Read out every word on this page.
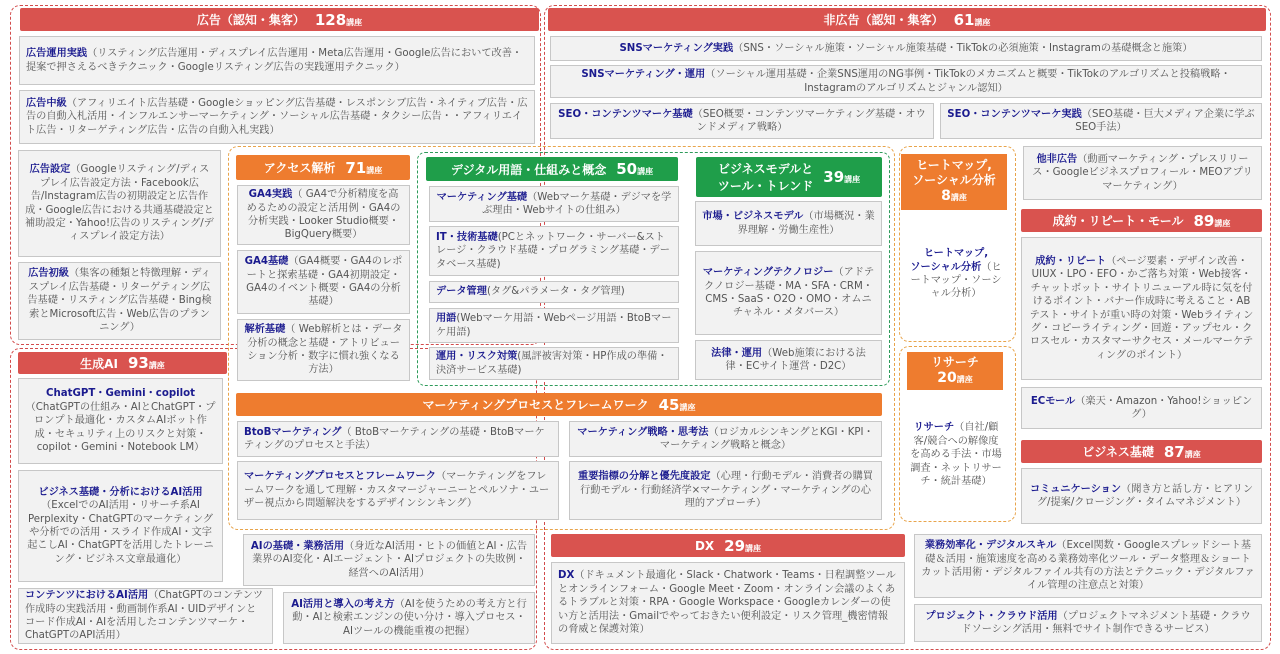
広告（認知・集客） 128講座	非広告（認知・集客） 61講座
生成AI 93講座
アクセス解析 71講座	デジタル用語・仕組みと概念 50講座	ビジネスモデルと
ツール・トレンド 39講座
ヒートマップ,
ソーシャル分析
8講座
リサーチ
20講座
成約・リピート・モール 89講座
マーケティングプロセスとフレームワーク 45講座
ビジネス基礎 87講座
DX 29講座
広告運用実践（リスティング広告運用・ディスプレイ広告運用・Meta広告運用・Google広告において改善・提案で押さえるべきテクニック・Googleリスティング広告の実践運用テクニック）
広告中級（アフィリエイト広告基礎・Googleショッピング広告基礎・レスポンシブ広告・ネイティブ広告・広告の自動入札活用・インフルエンサーマーケティング・ソーシャル広告基礎・タクシー広告・・アフィリエイト広告・リターゲティング広告・広告の自動入札実践）
広告設定（Googleリスティング/ディスプレイ広告設定方法・Facebook広告/Instagram広告の初期設定と広告作成・Google広告における共通基礎設定と補助設定・Yahoo!広告のリスティング/ディスプレイ設定方法）
広告初級（集客の種類と特徴理解・ディスプレイ広告基礎・リターゲティング広告基礎・リスティング広告基礎・Bing検索とMicrosoft広告・Web広告のプランニング）
SNSマーケティング実践（SNS・ソーシャル施策・ソーシャル施策基礎・TikTokの必須施策・Instagramの基礎概念と施策）
SNSマーケティング・運用（ソーシャル運用基礎・企業SNS運用のNG事例・TikTokのメカニズムと概要・TikTokのアルゴリズムと投稿戦略・Instagramのアルゴリズムとジャンル認知）
SEO・コンテンツマーケ基礎（SEO概要・コンテンツマーケティング基礎・オウンドメディア戦略）
SEO・コンテンツマーケ実践（SEO基礎・巨大メディア企業に学ぶSEO手法）
他非広告（動画マーケティング・プレスリリース・Googleビジネスプロフィール・MEOアプリマーケティング）
GA4実践（ GA4で分析精度を高めるための設定と活用例・GA4の分析実践・Looker Studio概要・BigQuery概要）
GA4基礎（GA4概要・GA4のレポートと探索基礎・GA4初期設定・GA4のイベント概要・GA4の分析基礎）
解析基礎（ Web解析とは・データ分析の概念と基礎・アトリビューション分析・数字に慣れ強くなる方法）
マーケティング基礎（Webマーケ基礎・デジマを学ぶ理由・Webサイトの仕組み）
IT・技術基礎(PCとネットワーク・サーバー&ストレージ・クラウド基礎・プログラミング基礎・データベース基礎)
データ管理(タグ&パラメータ・タグ管理)
用語(Webマーケ用語・Webページ用語・BtoBマーケ用語)
運用・リスク対策(風評被害対策・HP作成の準備・決済サービス基礎)
市場・ビジネスモデル（市場概況・業界理解・労働生産性）
マーケティングテクノロジー（アドテクノロジー基礎・MA・SFA・CRM・CMS・SaaS・O2O・OMO・オムニチャネル・メタバース）
法律・運用（Web施策における法律・ECサイト運営・D2C）
ヒートマップ,
ソーシャル分析（ヒートマップ・ソーシャル分析）
リサーチ（自社/顧客/競合への解像度を高める手法・市場調査・ネットリサーチ・統計基礎）
成約・リピート（ページ要素・デザイン改善・UIUX・LPO・EFO・かご落ち対策・Web接客・チャットボット・サイトリニューアル時に気を付けるポイント・バナー作成時に考えること・ABテスト・サイトが重い時の対策・Webライティング・コピーライティング・回遊・アップセル・クロスセル・カスタマーサクセス・メールマーケティングのポイント）
ECモール（楽天・Amazon・Yahoo!ショッピング）
コミュニケーション（聞き方と話し方・ヒアリング/提案/クロージング・タイムマネジメント）
業務効率化・デジタルスキル（Excel関数・Googleスプレッドシート基礎＆活用・施策速度を高める業務効率化ツール・データ整理＆ショートカット活用術・デジタルファイル共有の方法とテクニック・デジタルファイル管理の注意点と対策）
プロジェクト・クラウド活用（プロジェクトマネジメント基礎・クラウドソーシング活用・無料でサイト制作できるサービス）
ChatGPT・Gemini・copilot（ChatGPTの仕組み・AIとChatGPT・プロンプト最適化・カスタムAIボット作成・セキュリティ上のリスクと対策・copilot・Gemini・Notebook LM）
ビジネス基礎・分析におけるAI活用（ExcelでのAI活用・リサーチ系AI Perplexity・ChatGPTのマーケティングや分析での活用・スライド作成AI・文字起こしAI・ChatGPTを活用したトレーニング・ビジネス文章最適化）
コンテンツにおけるAI活用（ChatGPTのコンテンツ作成時の実践活用・動画制作系AI・UIDデザインとコード作成AI・AIを活用したコンテンツマーケ・ChatGPTのAPI活用）
AIの基礎・業務活用（身近なAI活用・ヒトの価値とAI・広告業界のAI変化・AIエージェント・AIプロジェクトの失敗例・経営へのAI活用）
AI活用と導入の考え方（AIを使うための考え方と行動・AIと検索エンジンの使い分け・導入プロセス・AIツールの機能重複の把握）
BtoBマーケティング（ BtoBマーケティングの基礎・BtoBマーケティングのプロセスと手法）
マーケティングプロセスとフレームワーク（マーケティングをフレームワークを通して理解・カスタマージャーニーとペルソナ・ユーザー視点から問題解決をするデザインシンキング）
マーケティング戦略・思考法（ロジカルシンキングとKGI・KPI・マーケティング戦略と概念）
重要指標の分解と優先度設定（心理・行動モデル・消費者の購買行動モデル・行動経済学×マーケティング・マーケティングの心理的アプローチ）
DX（ドキュメント最適化・Slack・Chatwork・Teams・日程調整ツールとオンラインフォーム・Google Meet・Zoom・オンライン会議のよくあるトラブルと対策・RPA・Google Workspace・Googleカレンダーの使い方と活用法・Gmailでやっておきたい便利設定・リスク管理_機密情報の脅威と保護対策）
